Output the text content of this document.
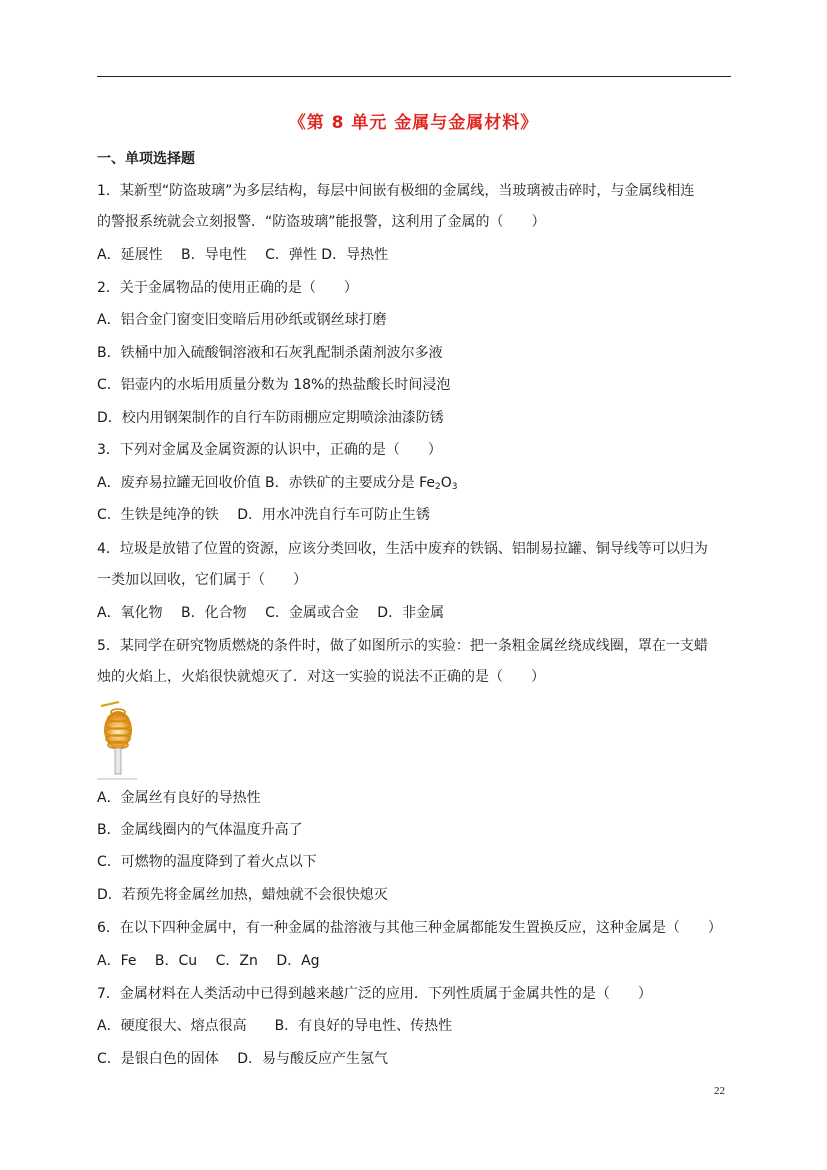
《第 8 单元 金属与金属材料》
一、单项选择题
1．某新型“防盗玻璃”为多层结构，每层中间嵌有极细的金属线，当玻璃被击碎时，与金属线相连
的警报系统就会立刻报警．“防盗玻璃”能报警，这利用了金属的（　　）
A．延展性　 B．导电性　 C．弹性 D．导热性
2．关于金属物品的使用正确的是（　　）
A．铝合金门窗变旧变暗后用砂纸或钢丝球打磨
B．铁桶中加入硫酸铜溶液和石灰乳配制杀菌剂波尔多液
C．铝壶内的水垢用质量分数为 18%的热盐酸长时间浸泡
D．校内用钢架制作的自行车防雨棚应定期喷涂油漆防锈
3．下列对金属及金属资源的认识中，正确的是（　　）
A．废弃易拉罐无回收价值 B．赤铁矿的主要成分是 $Fe_2O_3$
C．生铁是纯净的铁　 D．用水冲洗自行车可防止生锈
4．垃圾是放错了位置的资源，应该分类回收，生活中废弃的铁锅、铝制易拉罐、铜导线等可以归为
一类加以回收，它们属于（　　）
A．氧化物　 B．化合物　 C．金属或合金　 D．非金属
5．某同学在研究物质燃烧的条件时，做了如图所示的实验：把一条粗金属丝绕成线圈，罩在一支蜡
烛的火焰上，火焰很快就熄灭了．对这一实验的说法不正确的是（　　）
A．金属丝有良好的导热性
B．金属线圈内的气体温度升高了
C．可燃物的温度降到了着火点以下
D．若预先将金属丝加热，蜡烛就不会很快熄灭
6．在以下四种金属中，有一种金属的盐溶液与其他三种金属都能发生置换反应，这种金属是（　　）
A．Fe　 B．Cu　 C．Zn　 D．Ag
7．金属材料在人类活动中已得到越来越广泛的应用．下列性质属于金属共性的是（　　）
A．硬度很大、熔点很高　　B．有良好的导电性、传热性
C．是银白色的固体　 D．易与酸反应产生氢气
22
